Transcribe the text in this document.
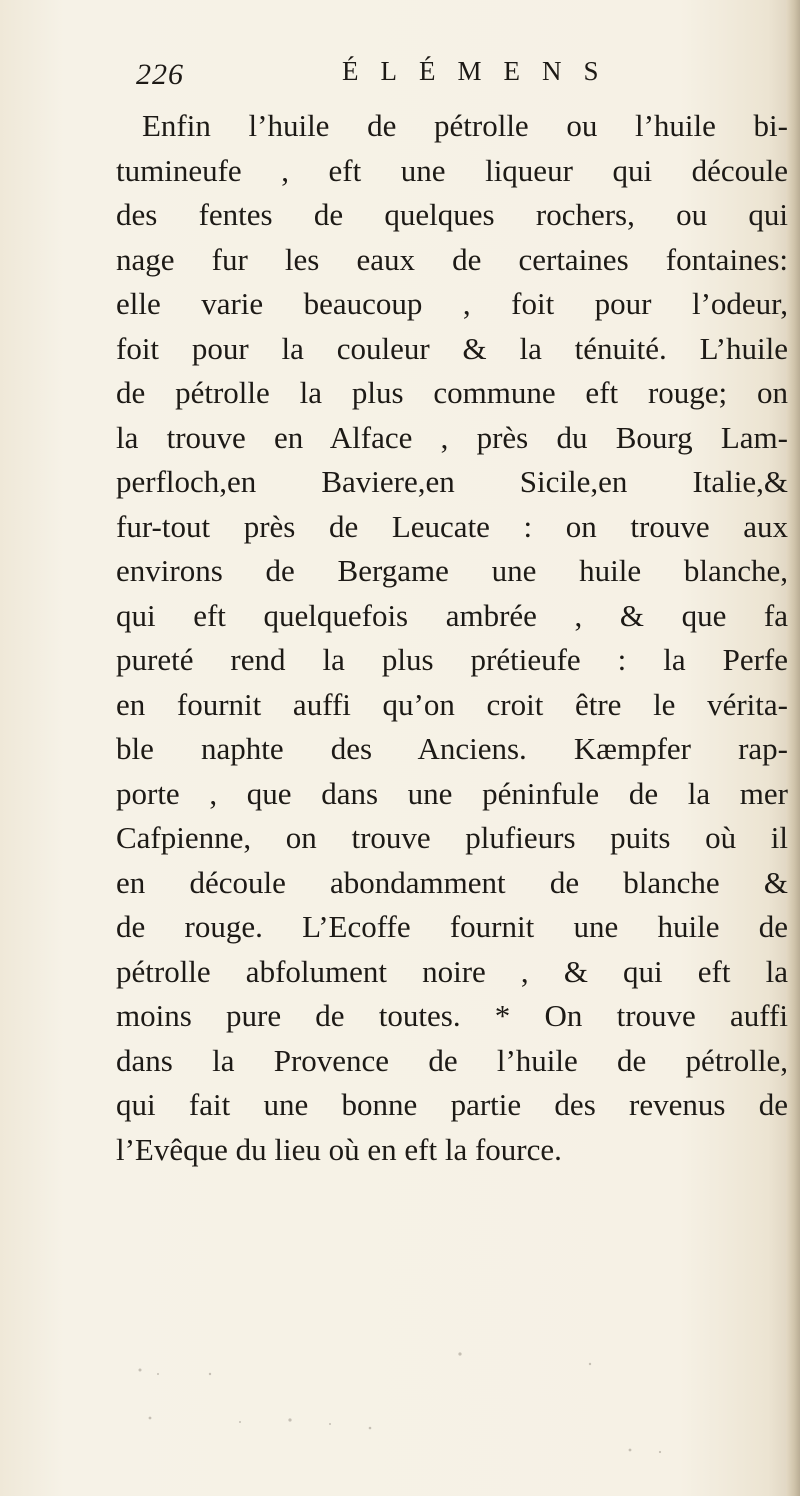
226	ÉLÉMENS
Enfin l’huile de pétrolle ou l’huile bi-
tumineufe , eft une liqueur qui découle
des fentes de quelques rochers, ou qui
nage fur les eaux de certaines fontaines:
elle varie beaucoup , foit pour l’odeur,
foit pour la couleur & la ténuité. L’huile
de pétrolle la plus commune eft rouge; on
la trouve en Alface , près du Bourg Lam-
perfloch,en Baviere,en Sicile,en Italie,&
fur-tout près de Leucate : on trouve aux
environs de Bergame une huile blanche,
qui eft quelquefois ambrée , & que fa
pureté rend la plus prétieufe : la Perfe
en fournit auffi qu’on croit être le vérita-
ble naphte des Anciens. Kæmpfer rap-
porte , que dans une péninfule de la mer
Cafpienne, on trouve plufieurs puits où il
en découle abondamment de blanche &
de rouge. L’Ecoffe fournit une huile de
pétrolle abfolument noire , & qui eft la
moins pure de toutes. * On trouve auffi
dans la Provence de l’huile de pétrolle,
qui fait une bonne partie des revenus de
l’Evêque du lieu où en eft la fource.
